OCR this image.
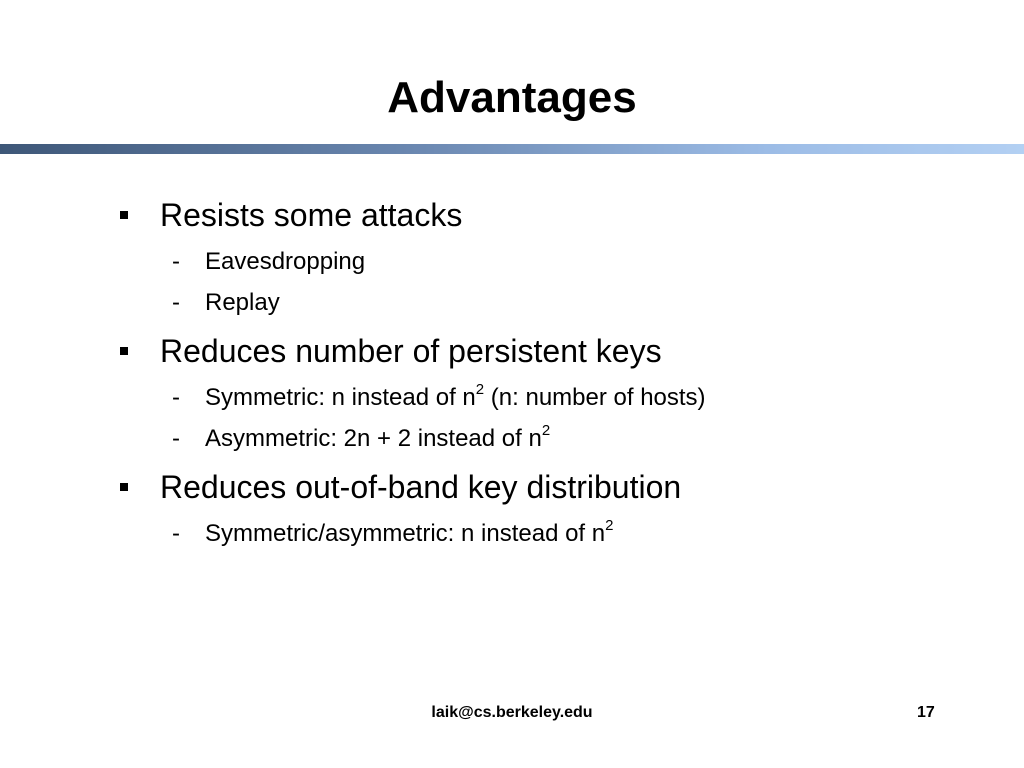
Advantages
Resists some attacks
- Eavesdropping
- Replay
Reduces number of persistent keys
- Symmetric: n instead of $n^2$ (n: number of hosts)
- Asymmetric: 2n + 2 instead of $n^2$
Reduces out-of-band key distribution
- Symmetric/asymmetric: n instead of $n^2$
laik@cs.berkeley.edu	17
